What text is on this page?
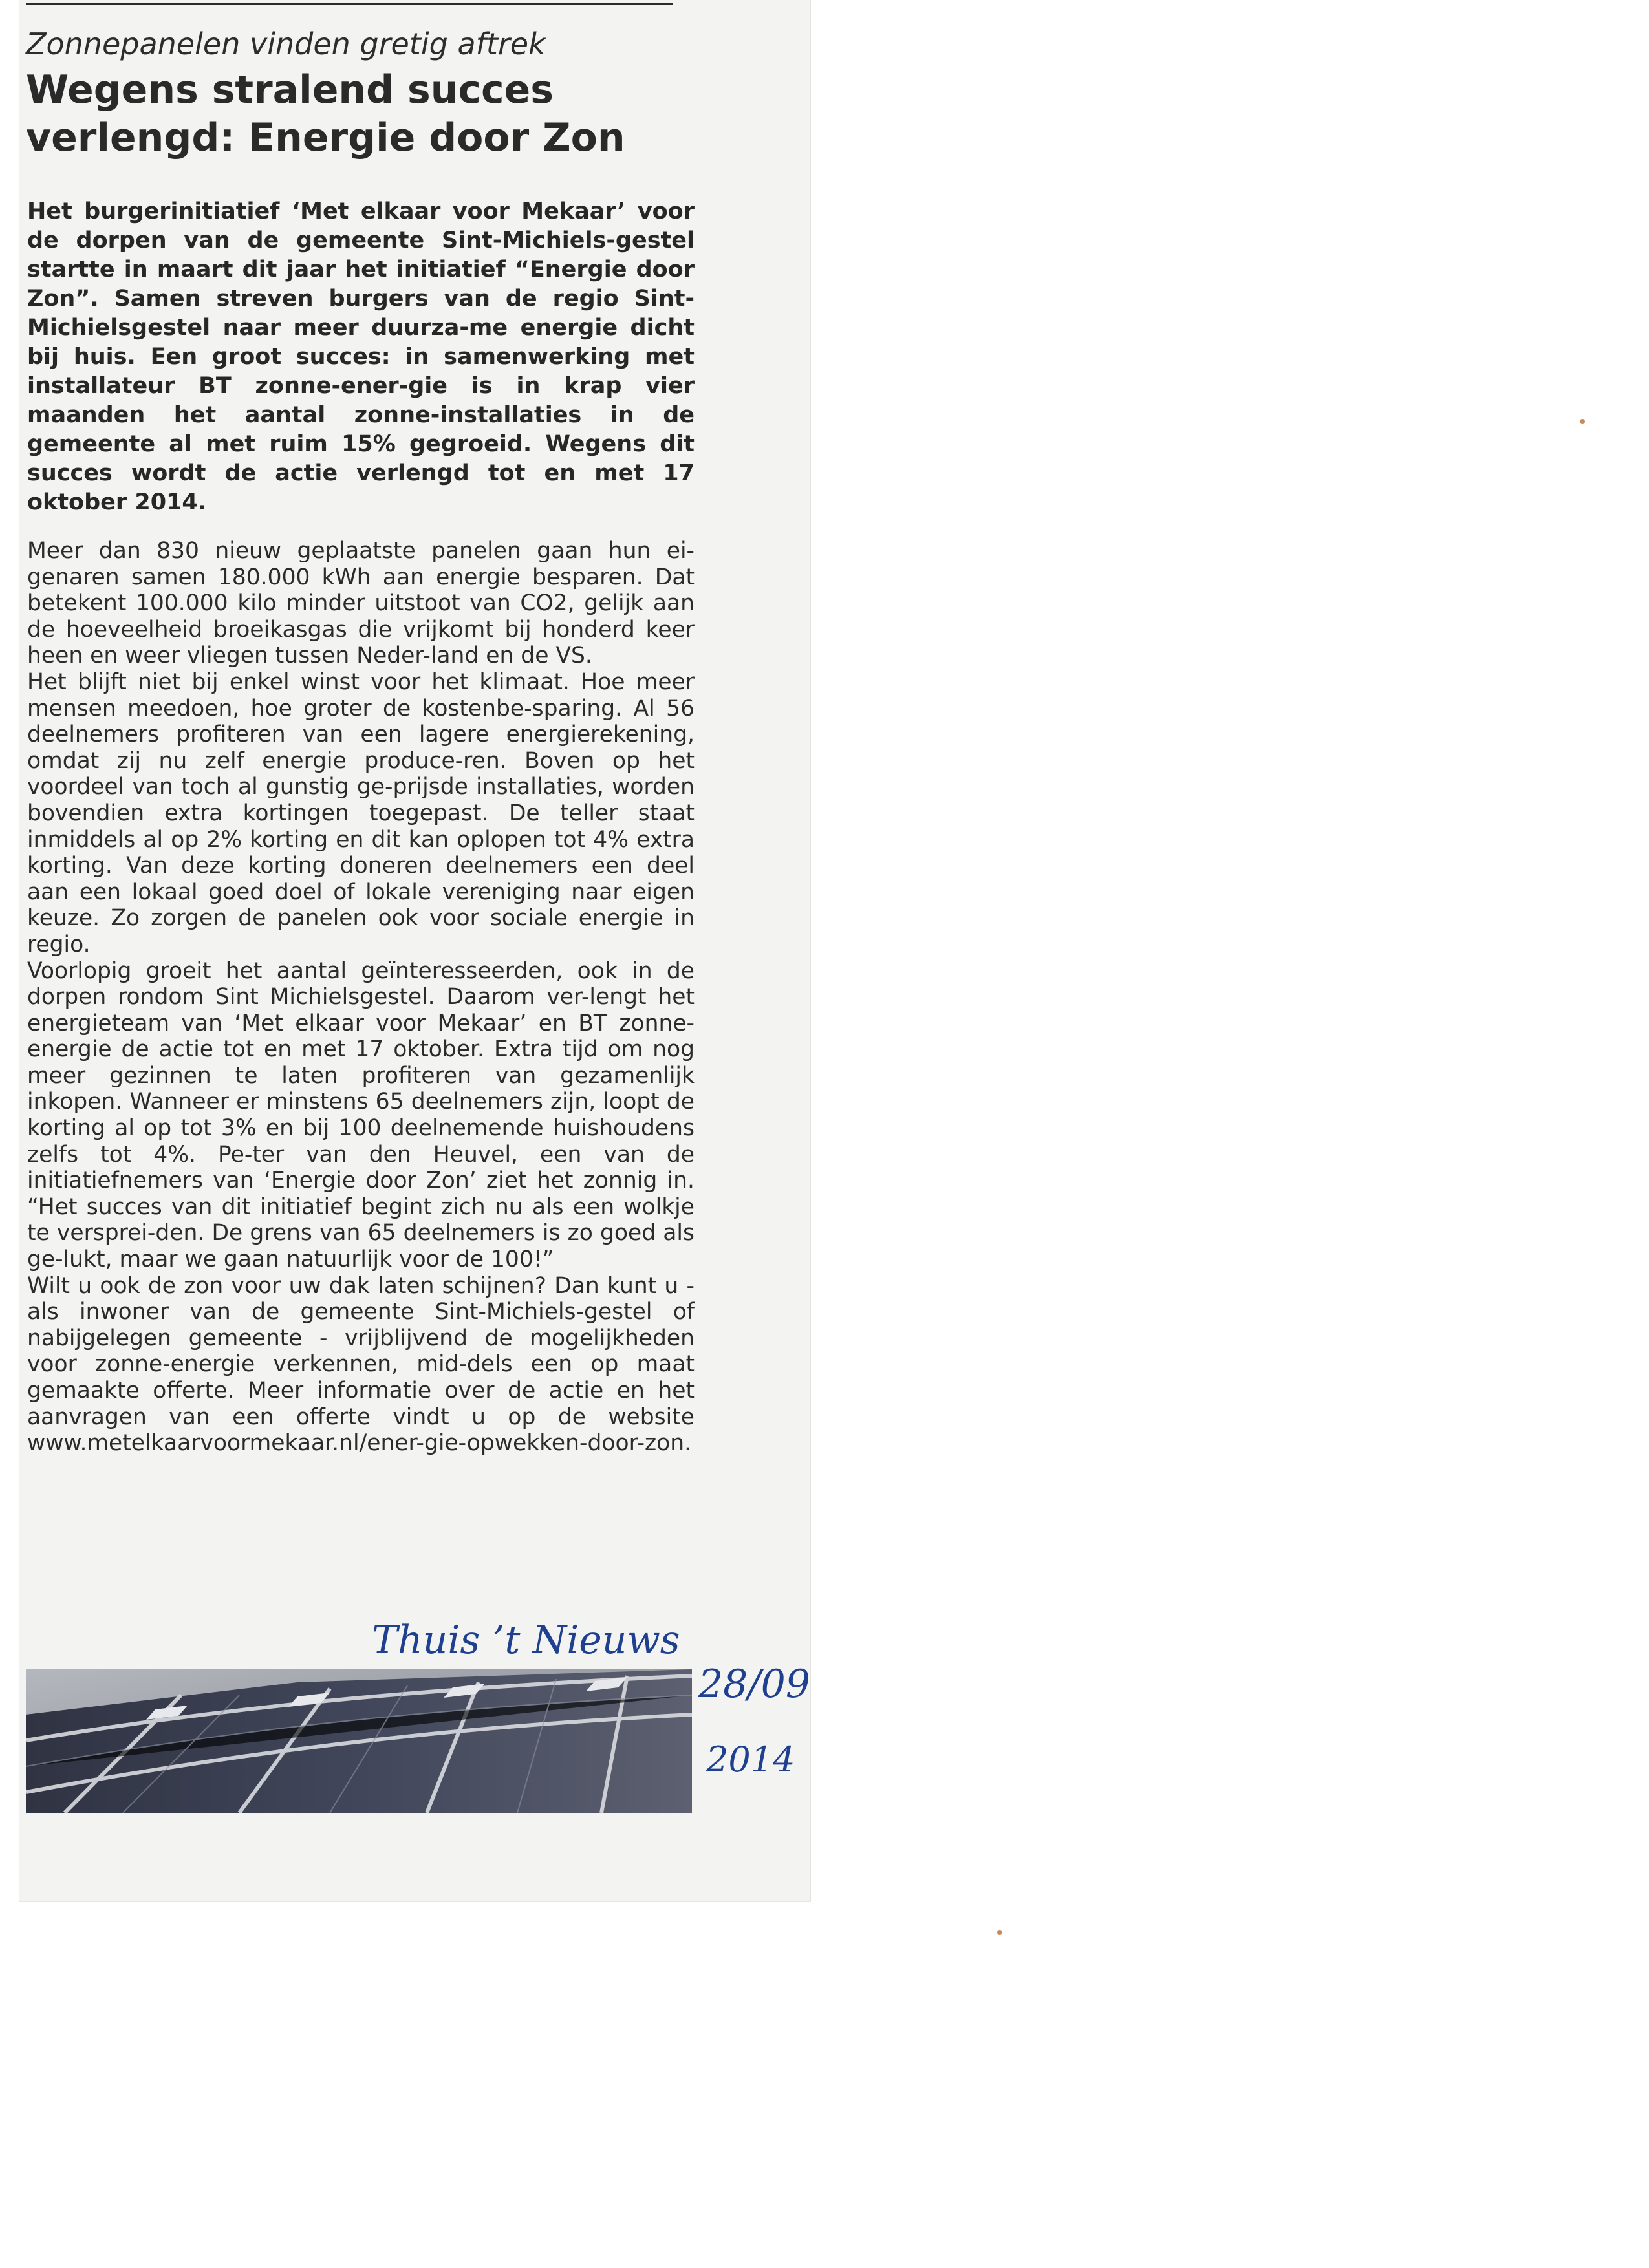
Zonnepanelen vinden gretig aftrek
Wegens stralend succes
verlengd: Energie door Zon

Het burgerinitiatief ‘Met elkaar voor Mekaar’ voor de dorpen van de gemeente Sint-Michiels-gestel startte in maart dit jaar het initiatief “Energie door Zon”. Samen streven burgers van de regio Sint-Michielsgestel naar meer duurza-me energie dicht bij huis. Een groot succes: in samenwerking met installateur BT zonne-ener-gie is in krap vier maanden het aantal zonne-installaties in de gemeente al met ruim 15% gegroeid. Wegens dit succes wordt de actie verlengd tot en met 17 oktober 2014.

Meer dan 830 nieuw geplaatste panelen gaan hun ei-genaren samen 180.000 kWh aan energie besparen. Dat betekent 100.000 kilo minder uitstoot van CO2, gelijk aan de hoeveelheid broeikasgas die vrijkomt bij honderd keer heen en weer vliegen tussen Neder-land en de VS.

Het blijft niet bij enkel winst voor het klimaat. Hoe meer mensen meedoen, hoe groter de kostenbe-sparing. Al 56 deelnemers profiteren van een lagere energierekening, omdat zij nu zelf energie produce-ren. Boven op het voordeel van toch al gunstig ge-prijsde installaties, worden bovendien extra kortingen toegepast. De teller staat inmiddels al op 2% korting en dit kan oplopen tot 4% extra korting. Van deze korting doneren deelnemers een deel aan een lokaal goed doel of lokale vereniging naar eigen keuze. Zo zorgen de panelen ook voor sociale energie in regio.

Voorlopig groeit het aantal geïnteresseerden, ook in de dorpen rondom Sint Michielsgestel. Daarom ver-lengt het energieteam van ‘Met elkaar voor Mekaar’ en BT zonne-energie de actie tot en met 17 oktober. Extra tijd om nog meer gezinnen te laten profiteren van gezamenlijk inkopen. Wanneer er minstens 65 deelnemers zijn, loopt de korting al op tot 3% en bij 100 deelnemende huishoudens zelfs tot 4%. Pe-ter van den Heuvel, een van de initiatiefnemers van ‘Energie door Zon’ ziet het zonnig in. “Het succes van dit initiatief begint zich nu als een wolkje te versprei-den. De grens van 65 deelnemers is zo goed als ge-lukt, maar we gaan natuurlijk voor de 100!”

Wilt u ook de zon voor uw dak laten schijnen? Dan kunt u - als inwoner van de gemeente Sint-Michiels-gestel of nabijgelegen gemeente - vrijblijvend de mogelijkheden voor zonne-energie verkennen, mid-dels een op maat gemaakte offerte. Meer informatie over de actie en het aanvragen van een offerte vindt u op de website www.metelkaarvoormekaar.nl/ener-gie-opwekken-door-zon.

Thuis ’t Nieuws
28/09
2014
